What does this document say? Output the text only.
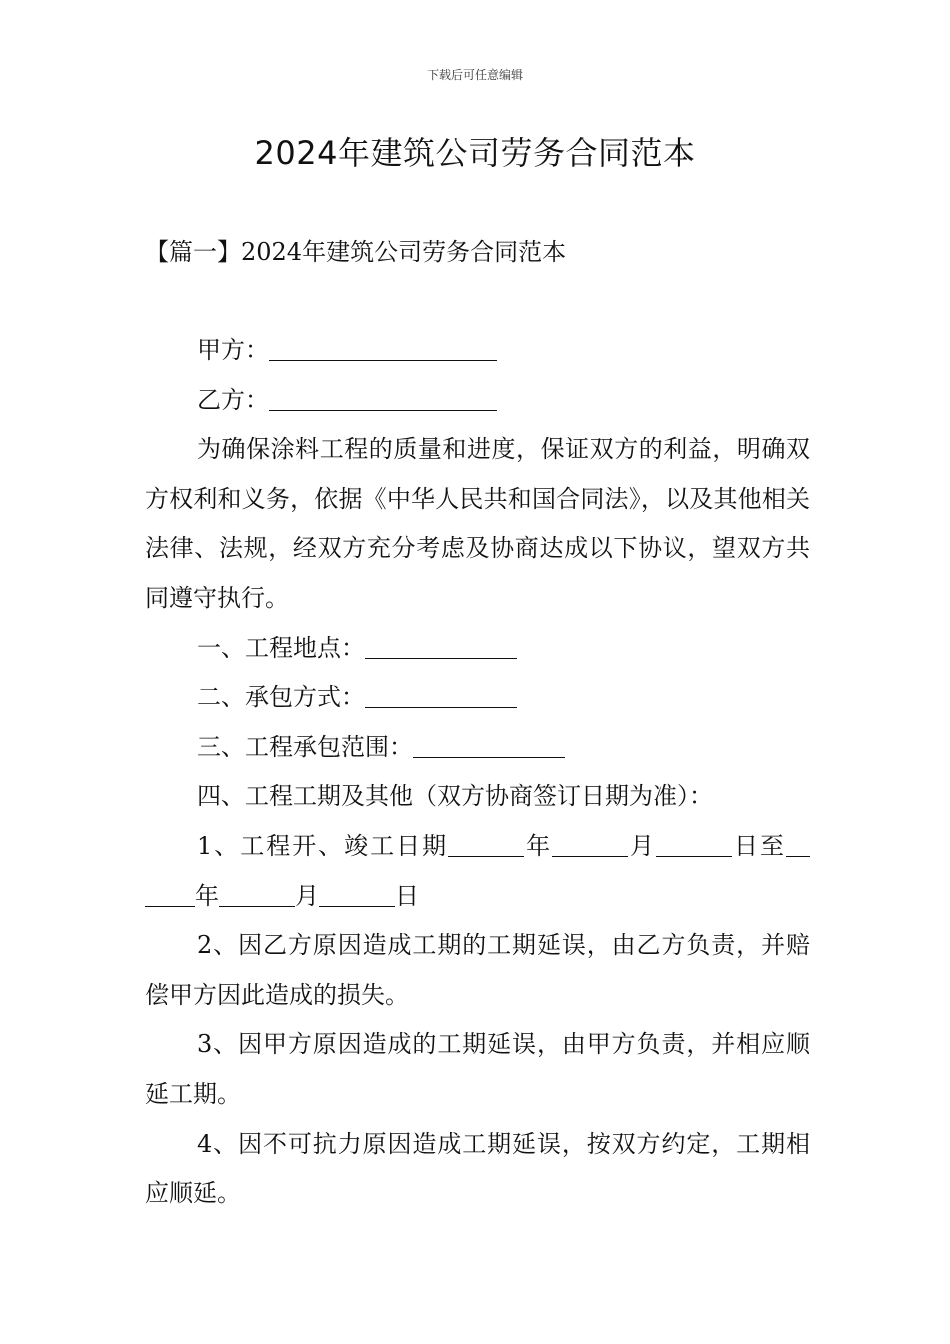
下载后可任意编辑
2024年建筑公司劳务合同范本
【篇一】2024年建筑公司劳务合同范本

甲方：

乙方：

为确保涂料工程的质量和进度，保证双方的利益，明确双方权利和义务，依据《中华人民共和国合同法》，以及其他相关法律、法规，经双方充分考虑及协商达成以下协议，望双方共同遵守执行。

一、工程地点：

二、承包方式：

三、工程承包范围：

四、工程工期及其他（双方协商签订日期为准）：

1、工程开、竣工日期	年	月	日至年	月	日

2、因乙方原因造成工期的工期延误，由乙方负责，并赔偿甲方因此造成的损失。

3、因甲方原因造成的工期延误，由甲方负责，并相应顺延工期。

4、因不可抗力原因造成工期延误，按双方约定，工期相应顺延。
